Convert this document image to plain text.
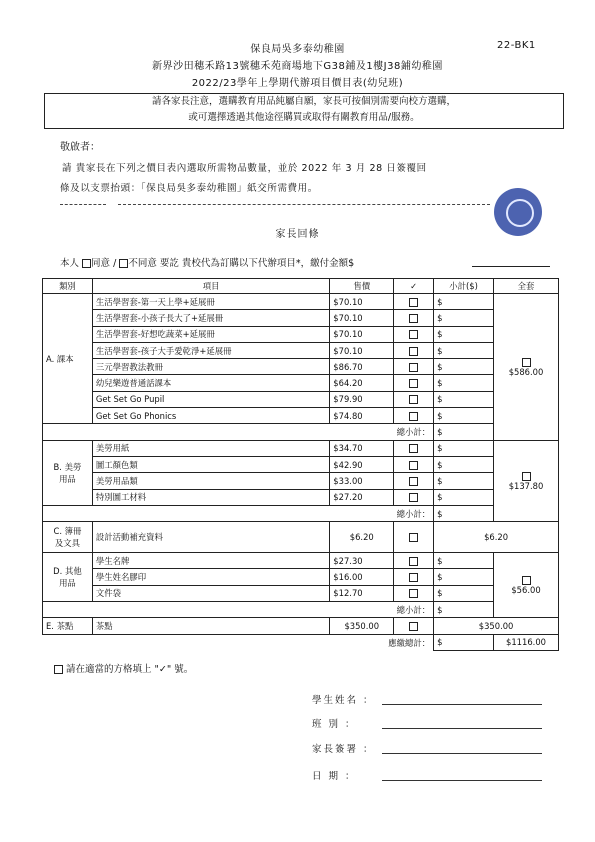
保良局吳多泰幼稚園	22-BK1
新界沙田穗禾路13號穗禾苑商場地下G38鋪及1樓J38鋪幼稚園
2022/23學年上學期代辦項目價目表(幼兒班)
請各家長注意，選購教育用品純屬自願，家長可按個別需要向校方選購，
或可選擇透過其他途徑購買或取得有關教育用品/服務。
敬啟者：
請 貴家長在下列之價目表內選取所需物品數量，並於 2022 年 3 月 28 日簽覆回
條及以支票抬頭：「保良局吳多泰幼稚園」紙交所需費用。
家長回條
本人 同意 / 不同意 要訖 貴校代為訂購以下代辦項目*，繳付金額$
類別	項目	售價	✓	小計($)	全套
A. 課本	生活學習套-第一天上學+延展冊	$70.10		$	$586.00
	生活學習套-小孩子長大了+延展冊	$70.10		$	
	生活學習套-好想吃蔬菜+延展冊	$70.10		$	
	生活學習套-孩子大手愛乾淨+延展冊	$70.10		$	
	三元學習教法教冊	$86.70		$	
	幼兒樂遊普通話課本	$64.20		$	
	Get Set Go Pupil	$79.90		$	
	Get Set Go Phonics	$74.80		$	
	總小計：			$	
B. 美勞
用品	美勞用紙	$34.70		$	$137.80
	圖工顏色類	$42.90		$	
	美勞用品類	$33.00		$	
	特別圖工材料	$27.20		$	
	總小計：			$	
C. 簿冊
及文具	設計活動補充資料	$6.20		$6.20	
D. 其他
用品	學生名牌	$27.30		$	$56.00
	學生姓名膠印	$16.00		$	
	文件袋	$12.70		$	
	總小計：			$	
E. 茶點	茶點	$350.00		$350.00	
應繳總計：				$	$1116.00
請在適當的方格填上 "✓" 號。
學生姓名 ：
班 別 ：
家長簽署 ：
日 期 ：
